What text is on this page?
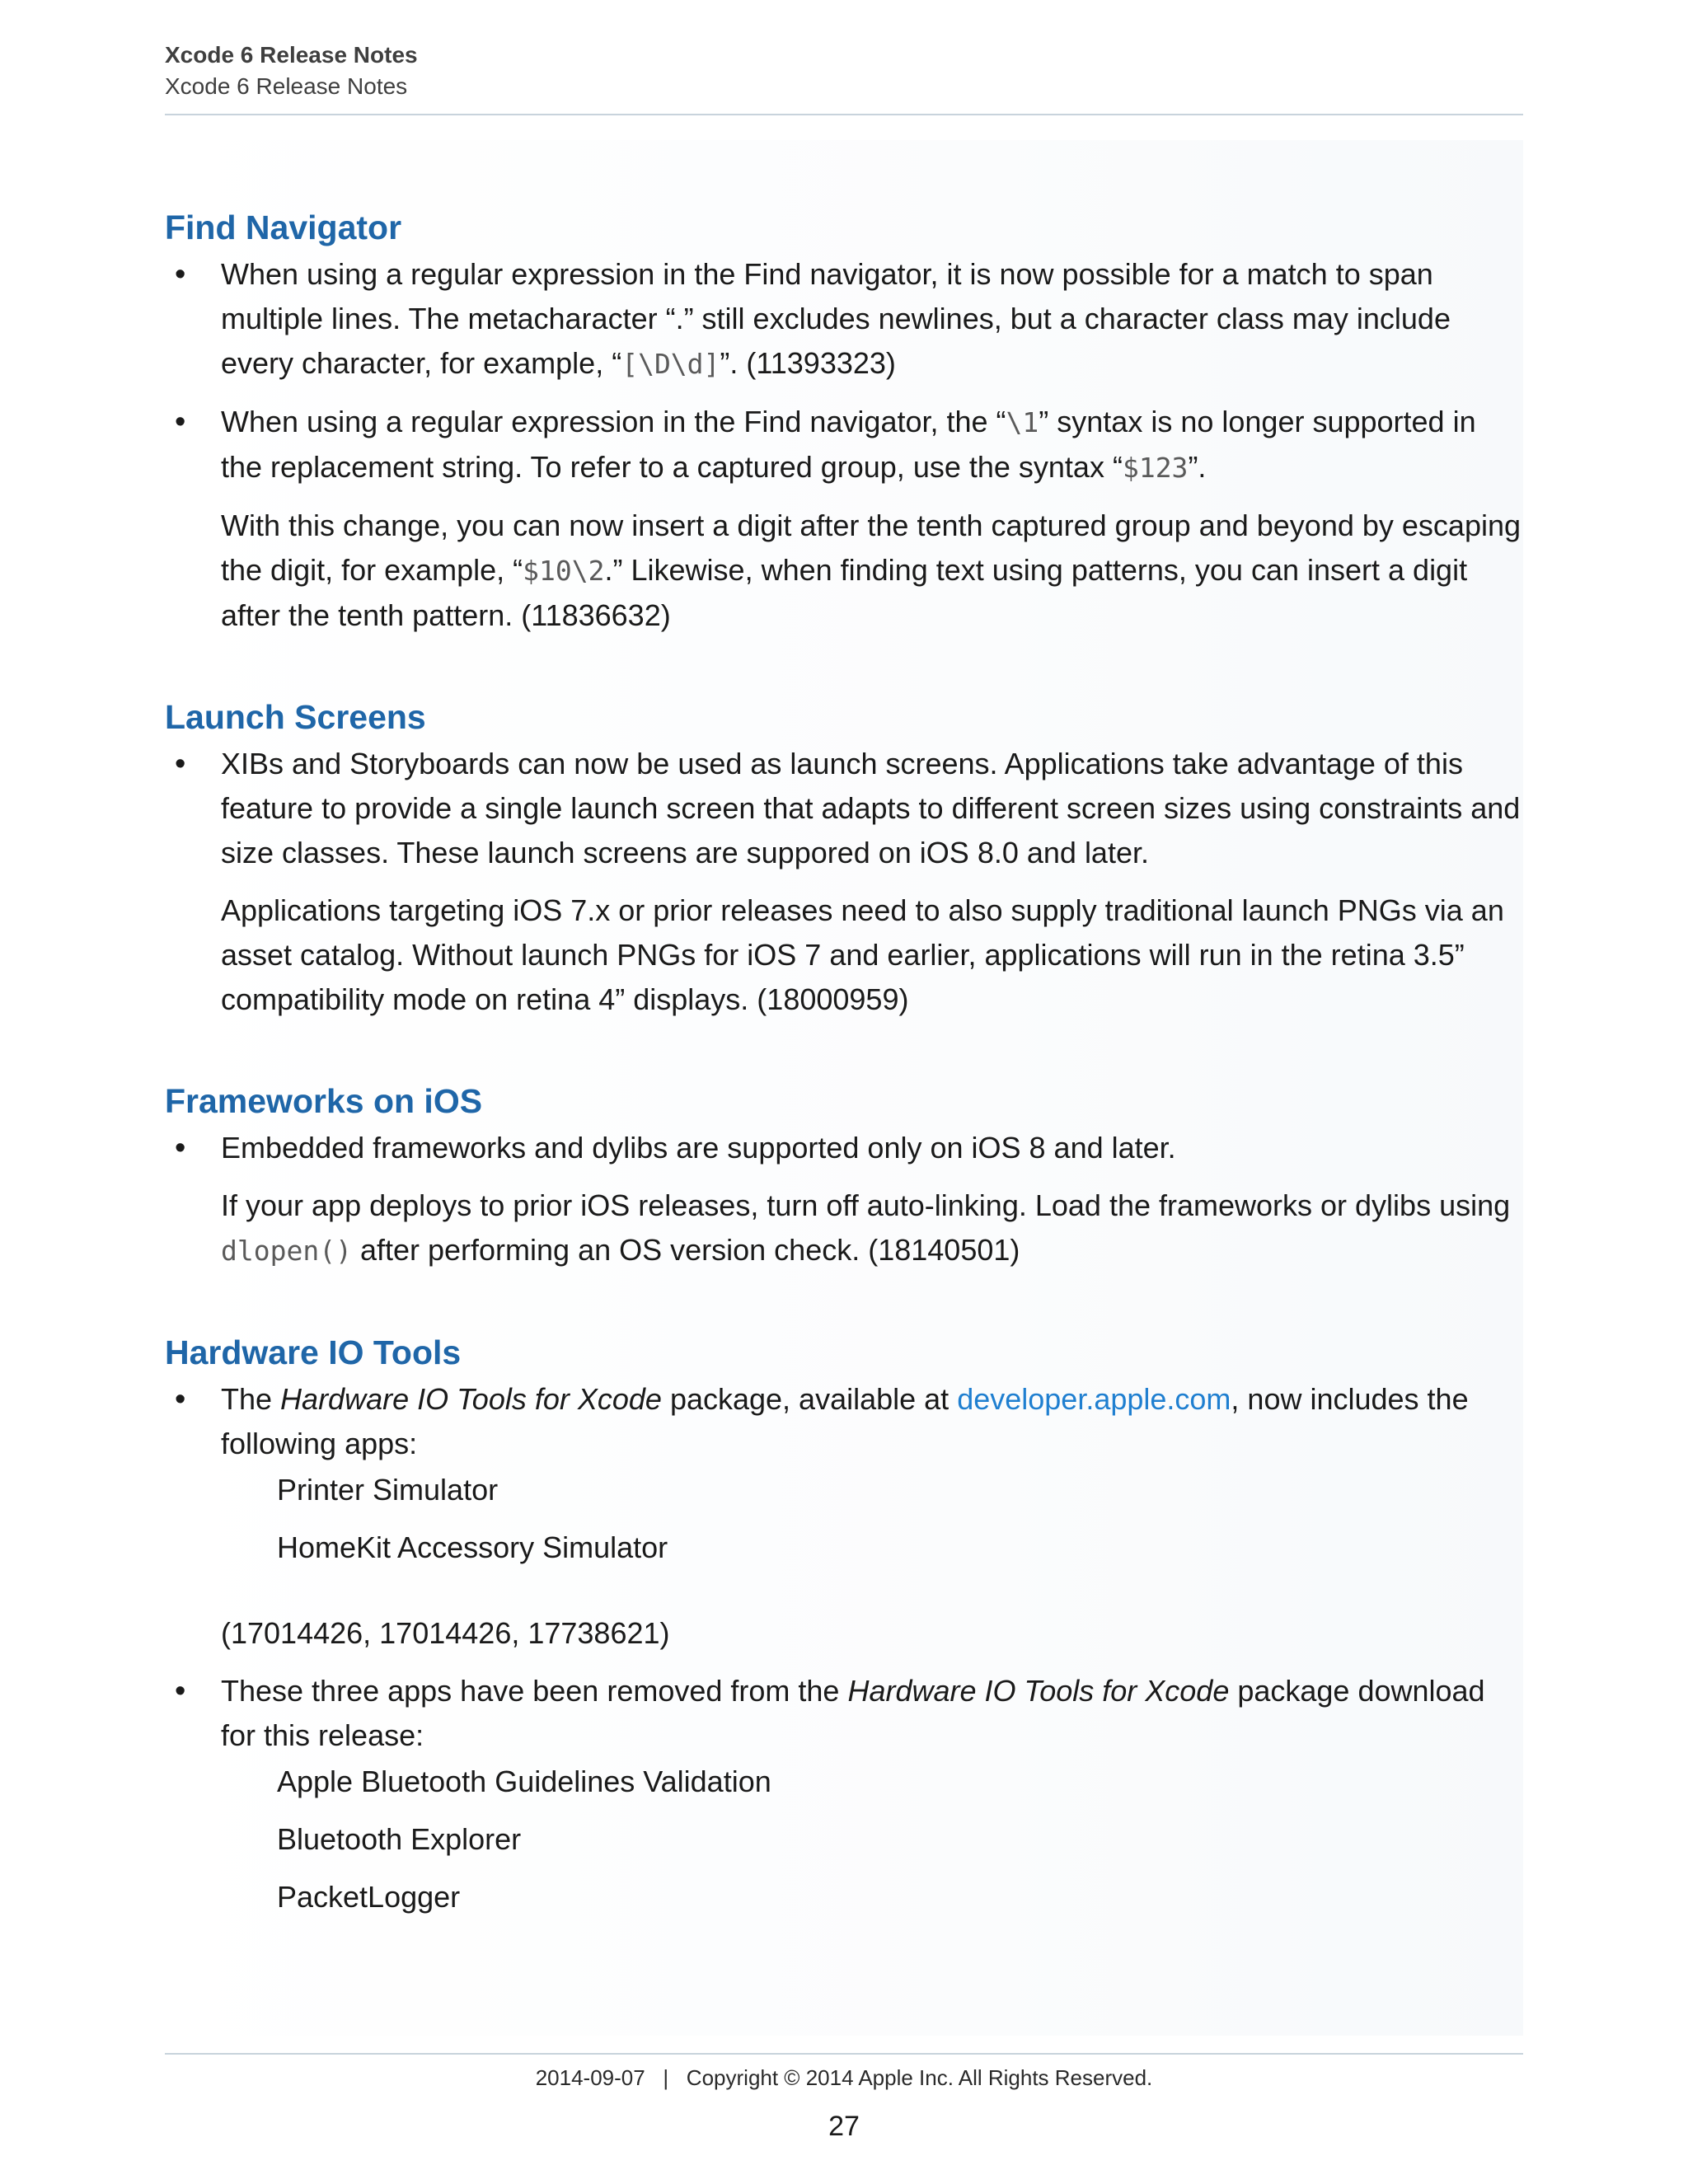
Xcode 6 Release Notes
Xcode 6 Release Notes
Find Navigator

• When using a regular expression in the Find navigator, it is now possible for a match to span multiple lines. The metacharacter “.” still excludes newlines, but a character class may include every character, for example, “[\D\d]”. (11393323)

• When using a regular expression in the Find navigator, the “\1” syntax is no longer supported in the replacement string. To refer to a captured group, use the syntax “$123”.

With this change, you can now insert a digit after the tenth captured group and beyond by escaping the digit, for example, “$10\2.” Likewise, when finding text using patterns, you can insert a digit after the tenth pattern. (11836632)

Launch Screens

• XIBs and Storyboards can now be used as launch screens. Applications take advantage of this feature to provide a single launch screen that adapts to different screen sizes using constraints and size classes. These launch screens are suppored on iOS 8.0 and later.

Applications targeting iOS 7.x or prior releases need to also supply traditional launch PNGs via an asset catalog. Without launch PNGs for iOS 7 and earlier, applications will run in the retina 3.5” compatibility mode on retina 4” displays. (18000959)

Frameworks on iOS

• Embedded frameworks and dylibs are supported only on iOS 8 and later.

If your app deploys to prior iOS releases, turn off auto-linking. Load the frameworks or dylibs using dlopen() after performing an OS version check. (18140501)

Hardware IO Tools

• The Hardware IO Tools for Xcode package, available at developer.apple.com, now includes the following apps:

Printer Simulator

HomeKit Accessory Simulator

(17014426, 17014426, 17738621)

• These three apps have been removed from the Hardware IO Tools for Xcode package download for this release:

Apple Bluetooth Guidelines Validation

Bluetooth Explorer

PacketLogger

2014-09-07   |   Copyright © 2014 Apple Inc. All Rights Reserved.
27
